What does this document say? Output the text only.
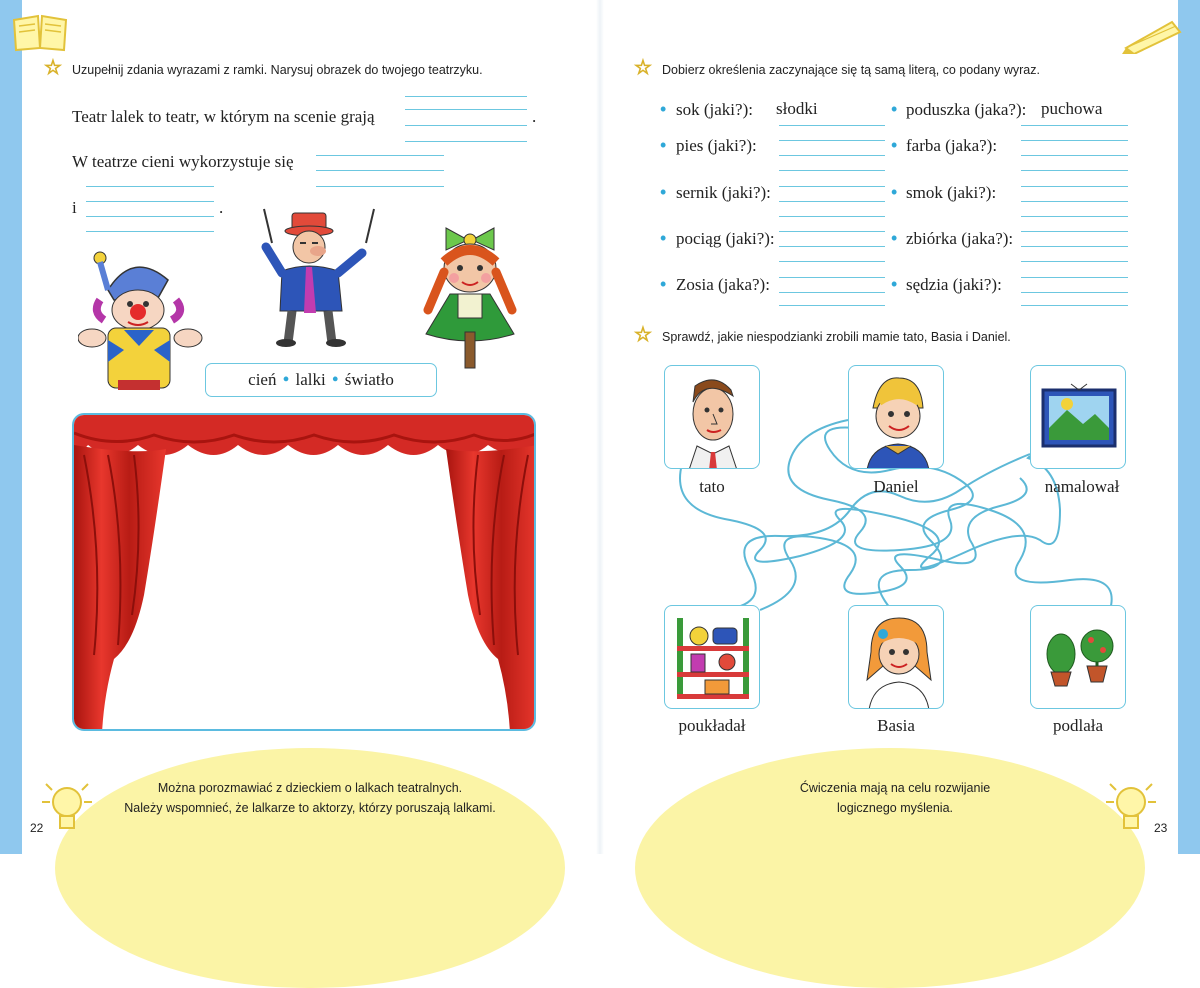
☆ Uzupełnij zdania wyrazami z ramki. Narysuj obrazek do twojego teatrzyku.
Teatr lalek to teatr, w którym na scenie grają	.
W teatrze cieni wykorzystuje się
i	.
cień • lalki • światło
Można porozmawiać z dzieckiem o lalkach teatralnych.
Należy wspomnieć, że lalkarze to aktorzy, którzy poruszają lalkami.
22
☆ Dobierz określenia zaczynające się tą samą literą, co podany wyraz.
• sok (jaki?): słodki
• pies (jaki?):
• sernik (jaki?):
• pociąg (jaki?):
• Zosia (jaka?):
• poduszka (jaka?): puchowa
• farba (jaka?):
• smok (jaki?):
• zbiórka (jaka?):
• sędzia (jaki?):
☆ Sprawdź, jakie niespodzianki zrobili mamie tato, Basia i Daniel.
tato	Daniel	namalował
poukładał	Basia	podlała
Ćwiczenia mają na celu rozwijanie
logicznego myślenia.
23
